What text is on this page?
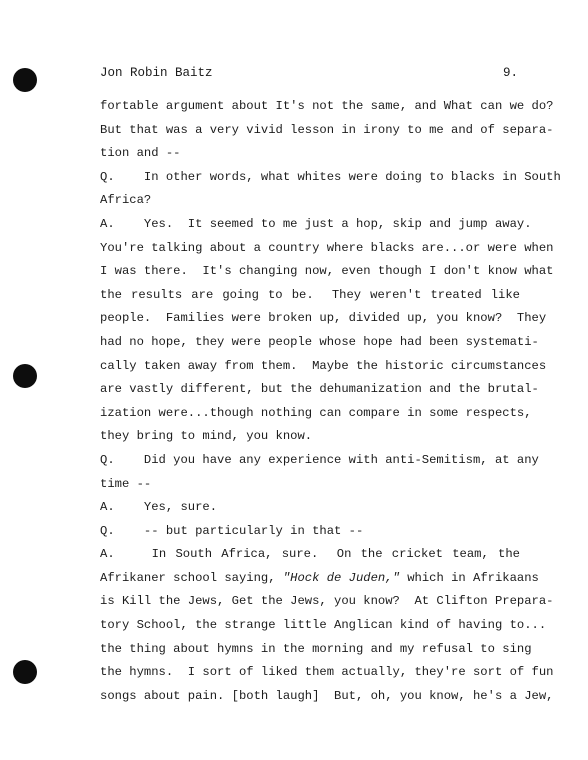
Jon Robin Baitz	9.
fortable argument about It's not the same, and What can we do?
But that was a very vivid lesson in irony to me and of separa-
tion and --
Q.    In other words, what whites were doing to blacks in South
Africa?
A.    Yes.  It seemed to me just a hop, skip and jump away.
You're talking about a country where blacks are...or were when
I was there.  It's changing now, even though I don't know what
the results are going to be.  They weren't treated like
people.  Families were broken up, divided up, you know?  They
had no hope, they were people whose hope had been systemati-
cally taken away from them.  Maybe the historic circumstances
are vastly different, but the dehumanization and the brutal-
ization were...though nothing can compare in some respects,
they bring to mind, you know.
Q.    Did you have any experience with anti-Semitism, at any
time --
A.    Yes, sure.
Q.    -- but particularly in that --
A.    In South Africa, sure.  On the cricket team, the
Afrikaner school saying, "Hock de Juden," which in Afrikaans
is Kill the Jews, Get the Jews, you know?  At Clifton Prepara-
tory School, the strange little Anglican kind of having to...
the thing about hymns in the morning and my refusal to sing
the hymns.  I sort of liked them actually, they're sort of fun
songs about pain. [both laugh]  But, oh, you know, he's a Jew,
